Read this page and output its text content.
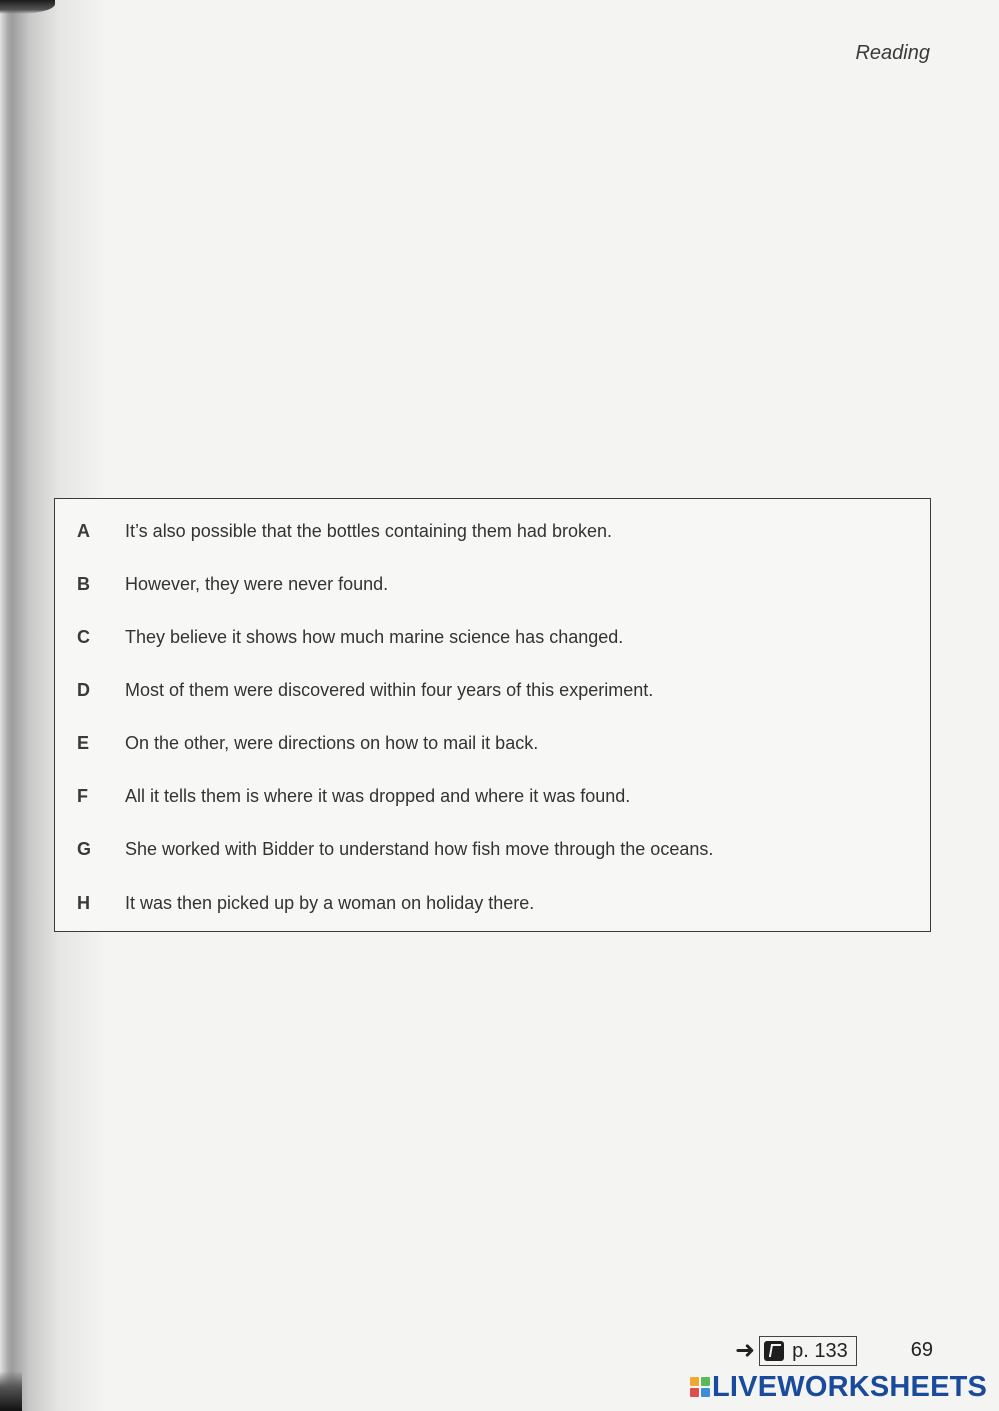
Reading
A	It’s also possible that the bottles containing them had broken.
B	However, they were never found.
C	They believe it shows how much marine science has changed.
D	Most of them were discovered within four years of this experiment.
E	On the other, were directions on how to mail it back.
F	All it tells them is where it was dropped and where it was found.
G	She worked with Bidder to understand how fish move through the oceans.
H	It was then picked up by a woman on holiday there.
➜ p. 133	69
LIVEWORKSHEETS
